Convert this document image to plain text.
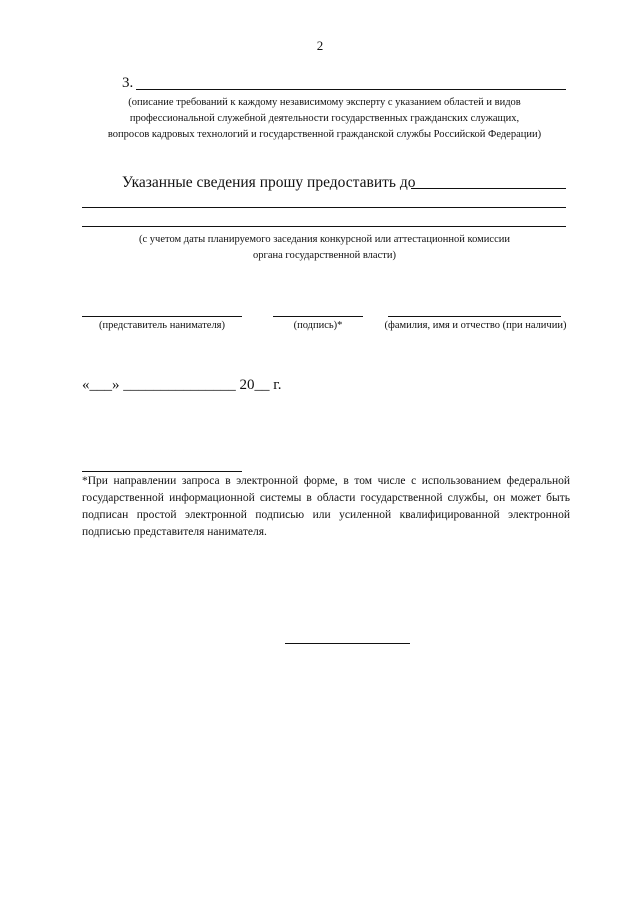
2
3.
(описание требований к каждому независимому эксперту с указанием областей и видов
профессиональной служебной деятельности государственных гражданских служащих,
вопросов кадровых технологий и государственной гражданской службы Российской Федерации)
Указанные сведения прошу предоставить до
(с учетом даты планируемого заседания конкурсной или аттестационной комиссии
органа государственной власти)
(представитель нанимателя)	(подпись)*	(фамилия, имя и отчество (при наличии)
«___» _______________ 20__ г.
*При направлении запроса в электронной форме, в том числе с использованием федеральной государственной информационной системы в области государственной службы, он может быть подписан простой электронной подписью или усиленной квалифицированной электронной подписью представителя нанимателя.
